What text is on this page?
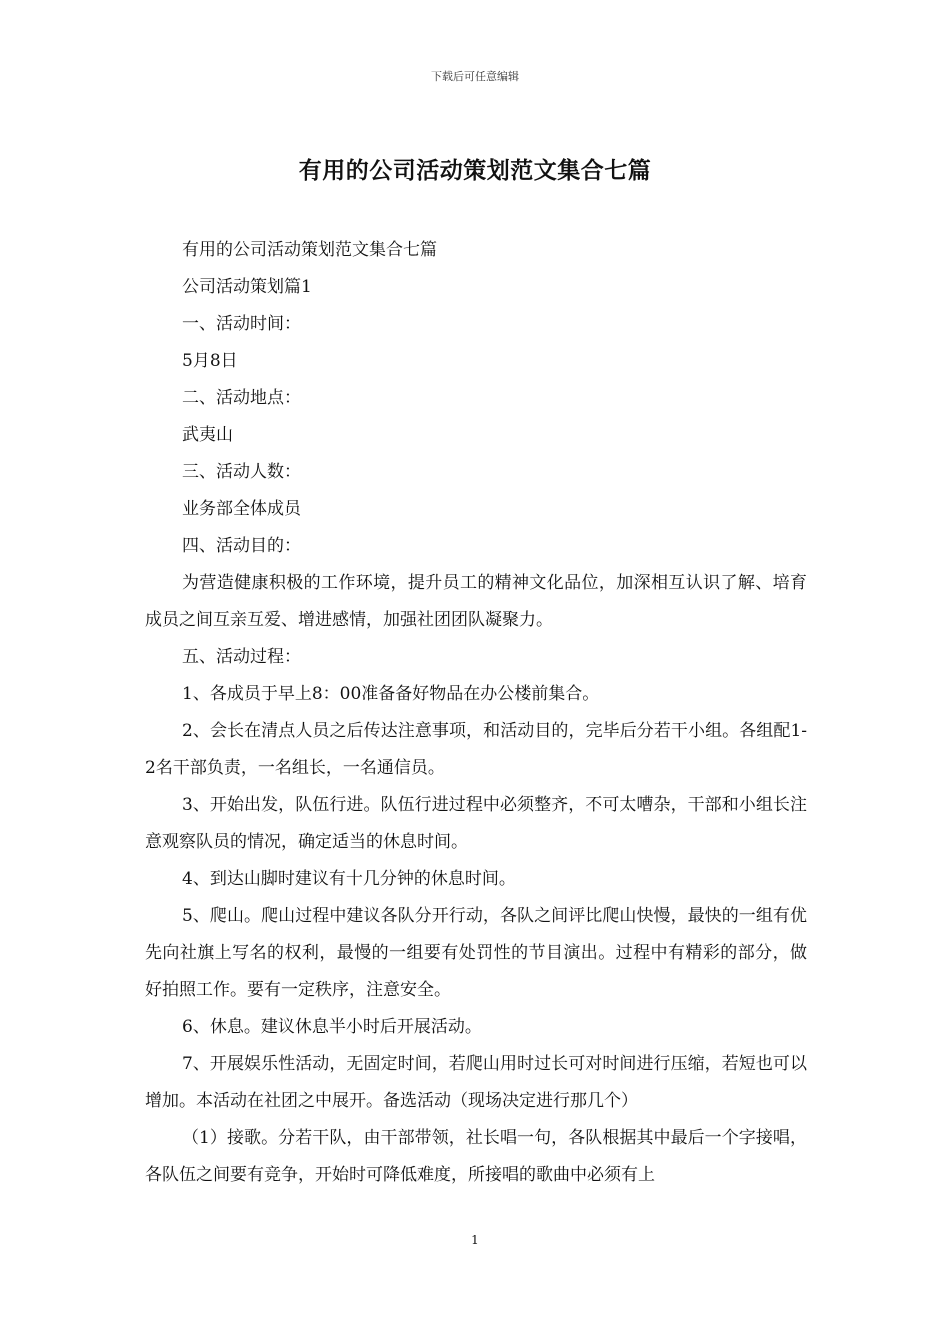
下载后可任意编辑
有用的公司活动策划范文集合七篇

有用的公司活动策划范文集合七篇

公司活动策划篇1

一、活动时间：

5月8日

二、活动地点：

武夷山

三、活动人数：

业务部全体成员

四、活动目的：

为营造健康积极的工作环境，提升员工的精神文化品位，加深相互认识了解、培育成员之间互亲互爱、增进感情，加强社团团队凝聚力。

五、活动过程：

1、各成员于早上8：00准备备好物品在办公楼前集合。

2、会长在清点人员之后传达注意事项，和活动目的，完毕后分若干小组。各组配1-2名干部负责，一名组长，一名通信员。

3、开始出发，队伍行进。队伍行进过程中必须整齐，不可太嘈杂，干部和小组长注意观察队员的情况，确定适当的休息时间。

4、到达山脚时建议有十几分钟的休息时间。

5、爬山。爬山过程中建议各队分开行动，各队之间评比爬山快慢，最快的一组有优先向社旗上写名的权利，最慢的一组要有处罚性的节目演出。过程中有精彩的部分，做好拍照工作。要有一定秩序，注意安全。

6、休息。建议休息半小时后开展活动。

7、开展娱乐性活动，无固定时间，若爬山用时过长可对时间进行压缩，若短也可以增加。本活动在社团之中展开。备选活动（现场决定进行那几个）

（1）接歌。分若干队，由干部带领，社长唱一句，各队根据其中最后一个字接唱，各队伍之间要有竞争，开始时可降低难度，所接唱的歌曲中必须有上

1
